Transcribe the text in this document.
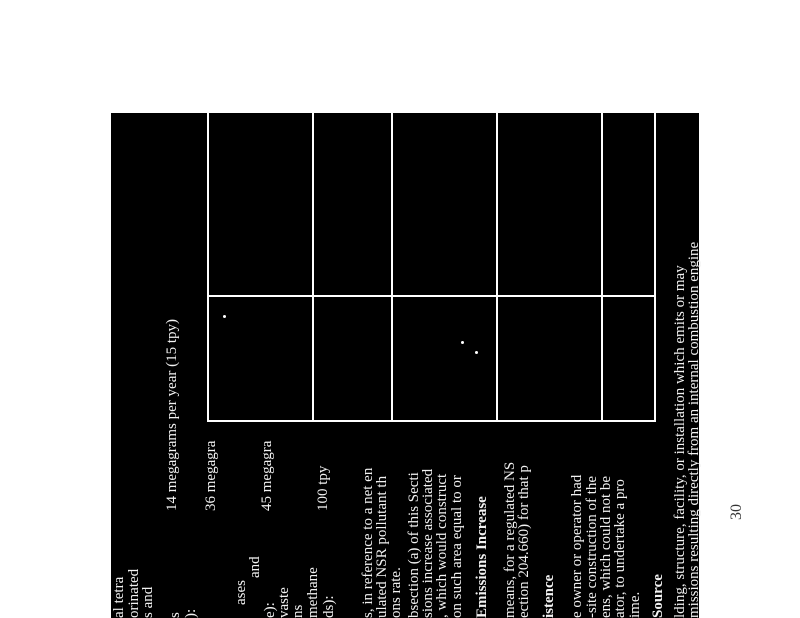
al tetra orinated
s and s ):
ases
and
e):
vaste
ns methane ds):
14 megagrams per year (15 tpy) 36 megagra	45 megagra	100 tpy s, in reference to a net en
ulated NSR pollutant th
ons rate. bsection (a) of this Secti
sions increase associated
, which would construct on such area equal to or Emissions Increase means, for a regulated NS
ection 204.660) for that p istence e owner or operator had -site construction of the
ens, which could not be
ator, to undertake a pro ime. Source lding, structure, facility, or installation which emits or may
missions resulting directly from an internal combustion engine 30
